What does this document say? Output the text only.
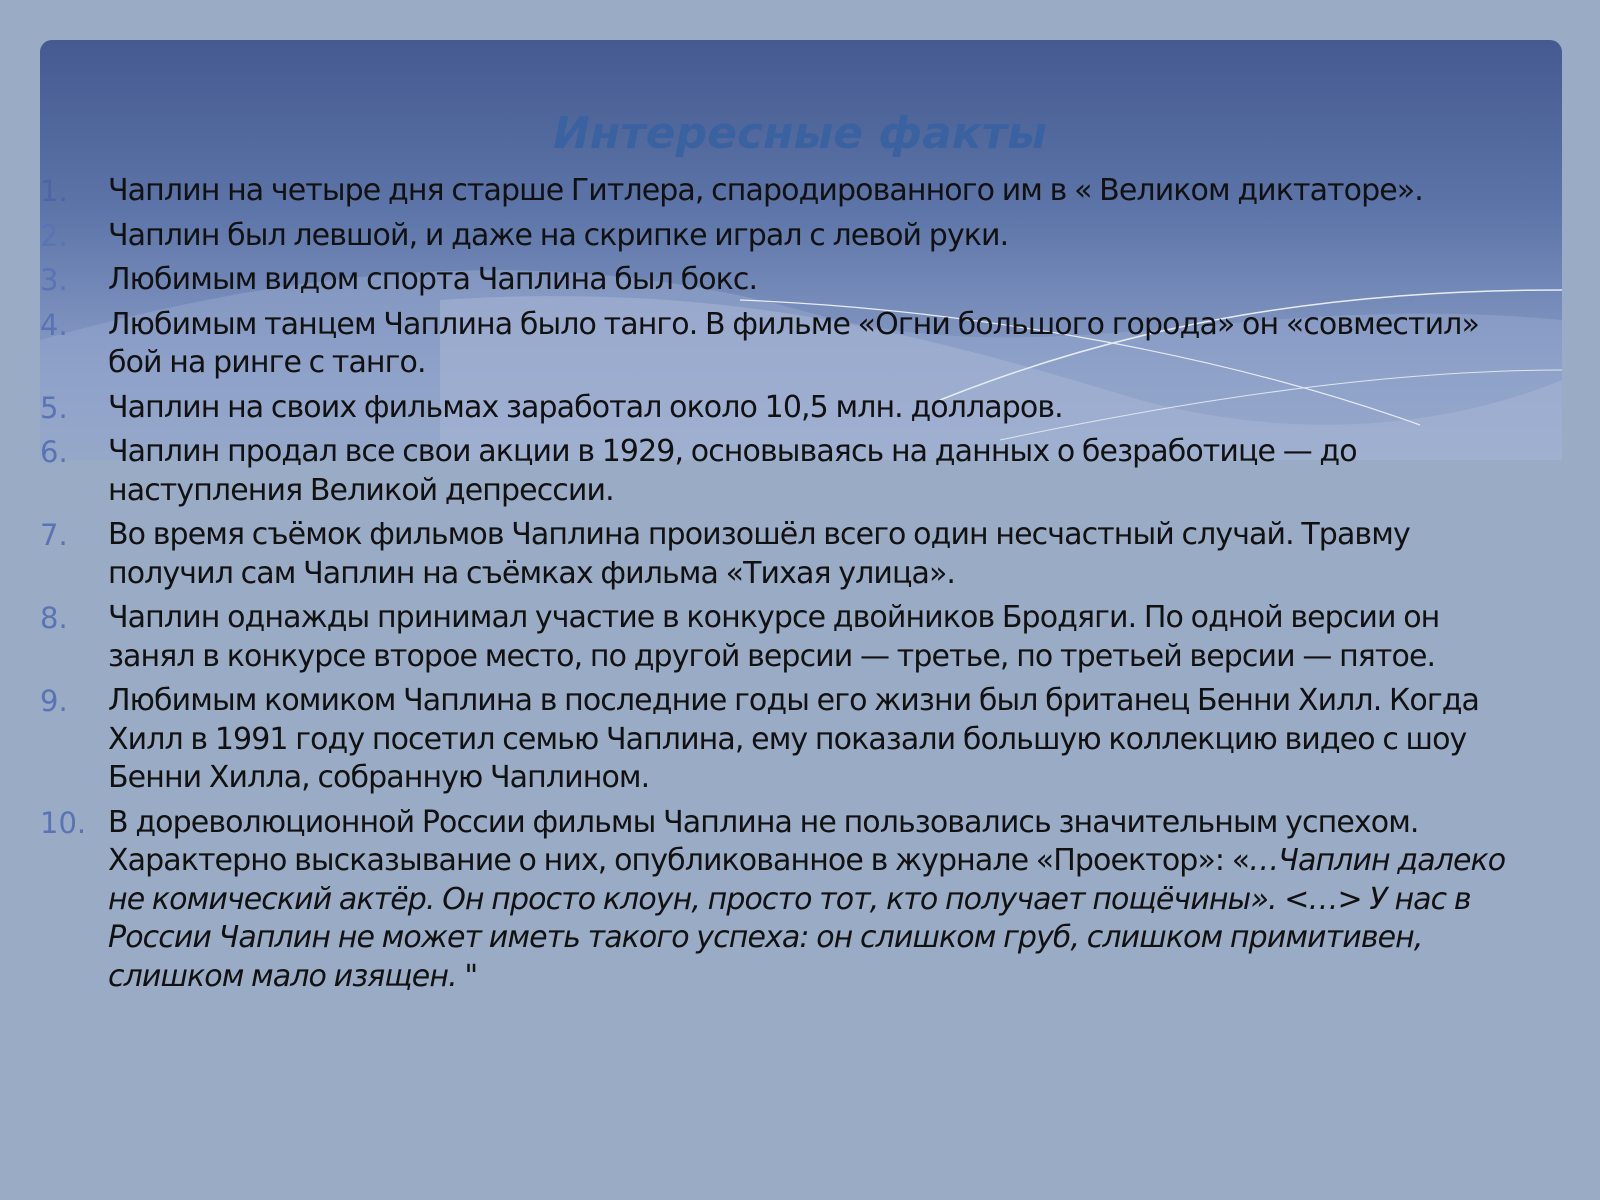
Интересные факты
1.	Чаплин на четыре дня старше Гитлера, спародированного им в « Великом диктаторе».
2.	Чаплин был левшой, и даже на скрипке играл с левой руки.
3.	Любимым видом спорта Чаплина был бокс.
4.	Любимым танцем Чаплина было танго. В фильме «Огни большого города» он «совместил» бой на ринге с танго.
5.	Чаплин на своих фильмах заработал около 10,5 млн. долларов.
6.	Чаплин продал все свои акции в 1929, основываясь на данных о безработице — до наступления Великой депрессии.
7.	Во время съёмок фильмов Чаплина произошёл всего один несчастный случай. Травму получил сам Чаплин на съёмках фильма «Тихая улица».
8.	Чаплин однажды принимал участие в конкурсе двойников Бродяги. По одной версии он занял в конкурсе второе место, по другой версии — третье, по третьей версии — пятое.
9.	Любимым комиком Чаплина в последние годы его жизни был британец Бенни Хилл. Когда Хилл в 1991 году посетил семью Чаплина, ему показали большую коллекцию видео с шоу Бенни Хилла, собранную Чаплином.
10. В дореволюционной России фильмы Чаплина не пользовались значительным успехом. Характерно высказывание о них, опубликованное в журнале «Проектор»: «…Чаплин далеко не комический актёр. Он просто клоун, просто тот, кто получает пощёчины». <…> У нас в России Чаплин не может иметь такого успеха: он слишком груб, слишком примитивен, слишком мало изящен. "
